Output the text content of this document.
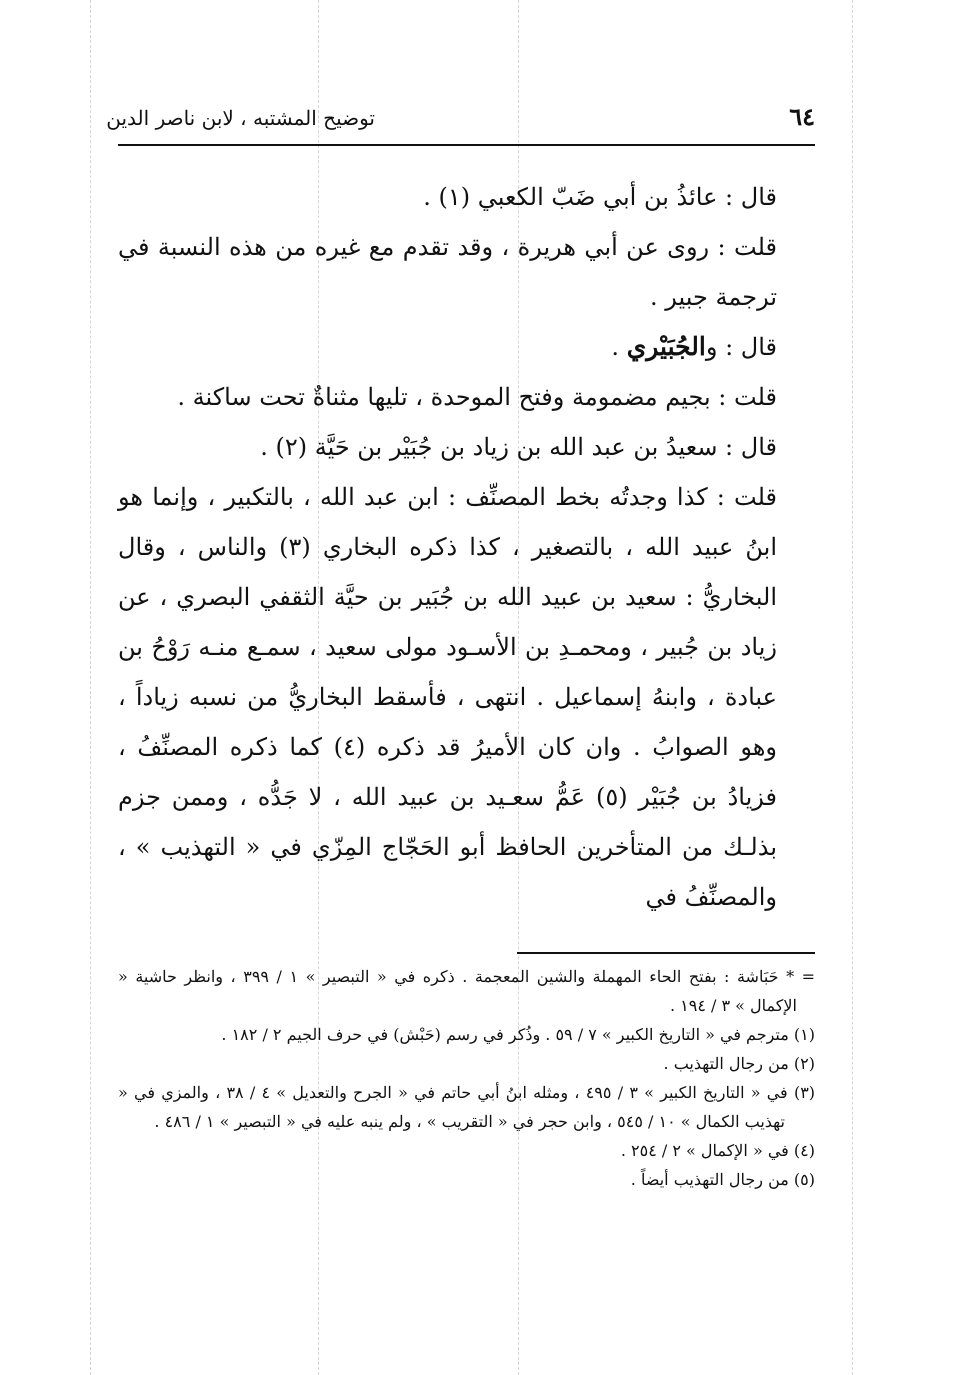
٦٤
توضيح المشتبه ، لابن ناصر الدين

قال : عائذُ بن أبي ضَبّ الكعبي (١) .

قلت : روى عن أبي هريرة ، وقد تقدم مع غيره من هذه النسبة في ترجمة جبير .

قال : والجُبَيْري .

قلت : بجيم مضمومة وفتح الموحدة ، تليها مثناةٌ تحت ساكنة .

قال : سعيدُ بن عبد الله بن زياد بن جُبَيْر بن حَيَّة (٢) .

قلت : كذا وجدتُه بخط المصنِّف : ابن عبد الله ، بالتكبير ، وإنما هو ابنُ عبيد الله ، بالتصغير ، كذا ذكره البخاري (٣) والناس ، وقال البخاريُّ : سعيد بن عبيد الله بن جُبَير بن حيَّة الثقفي البصري ، عن زياد بن جُبير ، ومحمـدِ بن الأسـود مولى سعيد ، سمـع منـه رَوْحُ بن عبادة ، وابنهُ إسماعيل . انتهى ، فأسقط البخاريُّ من نسبه زياداً ، وهو الصوابُ . وان كان الأميرُ قد ذكره (٤) كما ذكره المصنِّفُ ، فزيادُ بن جُبَيْر (٥) عَمُّ سعـيد بن عبيد الله ، لا جَدُّه ، وممن جزم بذلـك من المتأخرين الحافظ أبو الحَجّاج المِزّي في « التهذيب » ، والمصنِّفُ في

= * حَبَاشة : بفتح الحاء المهملة والشين المعجمة . ذكره في « التبصير » ١ / ٣٩٩ ، وانظر حاشية « الإكمال » ٣ / ١٩٤ .

(١) مترجم في « التاريخ الكبير » ٧ / ٥٩ . وذُكر في رسم (حَبْش) في حرف الجيم ٢ / ١٨٢ .

(٢) من رجال التهذيب .

(٣) في « التاريخ الكبير » ٣ / ٤٩٥ ، ومثله ابنُ أبي حاتم في « الجرح والتعديل » ٤ / ٣٨ ، والمزي في « تهذيب الكمال » ١٠ / ٥٤٥ ، وابن حجر في « التقريب » ، ولم ينبه عليه في « التبصير » ١ / ٤٨٦ .

(٤) في « الإكمال » ٢ / ٢٥٤ .

(٥) من رجال التهذيب أيضاً .
